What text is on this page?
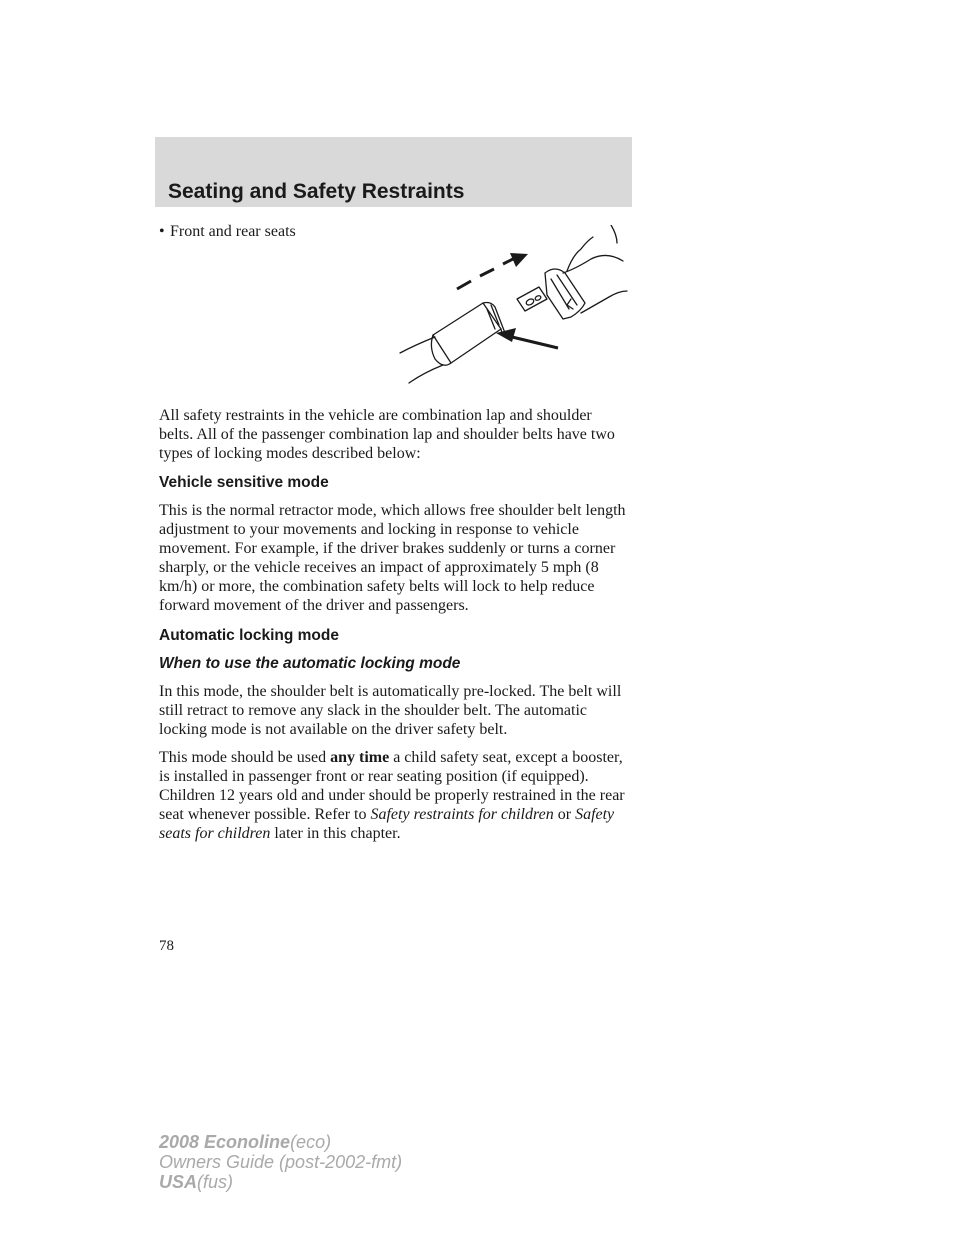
Seating and Safety Restraints

• Front and rear seats

All safety restraints in the vehicle are combination lap and shoulder belts. All of the passenger combination lap and shoulder belts have two types of locking modes described below:

Vehicle sensitive mode

This is the normal retractor mode, which allows free shoulder belt length adjustment to your movements and locking in response to vehicle movement. For example, if the driver brakes suddenly or turns a corner sharply, or the vehicle receives an impact of approximately 5 mph (8 km/h) or more, the combination safety belts will lock to help reduce forward movement of the driver and passengers.

Automatic locking mode
When to use the automatic locking mode

In this mode, the shoulder belt is automatically pre-locked. The belt will still retract to remove any slack in the shoulder belt. The automatic locking mode is not available on the driver safety belt.

This mode should be used any time a child safety seat, except a booster, is installed in passenger front or rear seating position (if equipped). Children 12 years old and under should be properly restrained in the rear seat whenever possible. Refer to Safety restraints for children or Safety seats for children later in this chapter.

78
2008 Econoline(eco)
Owners Guide (post-2002-fmt)
USA(fus)
